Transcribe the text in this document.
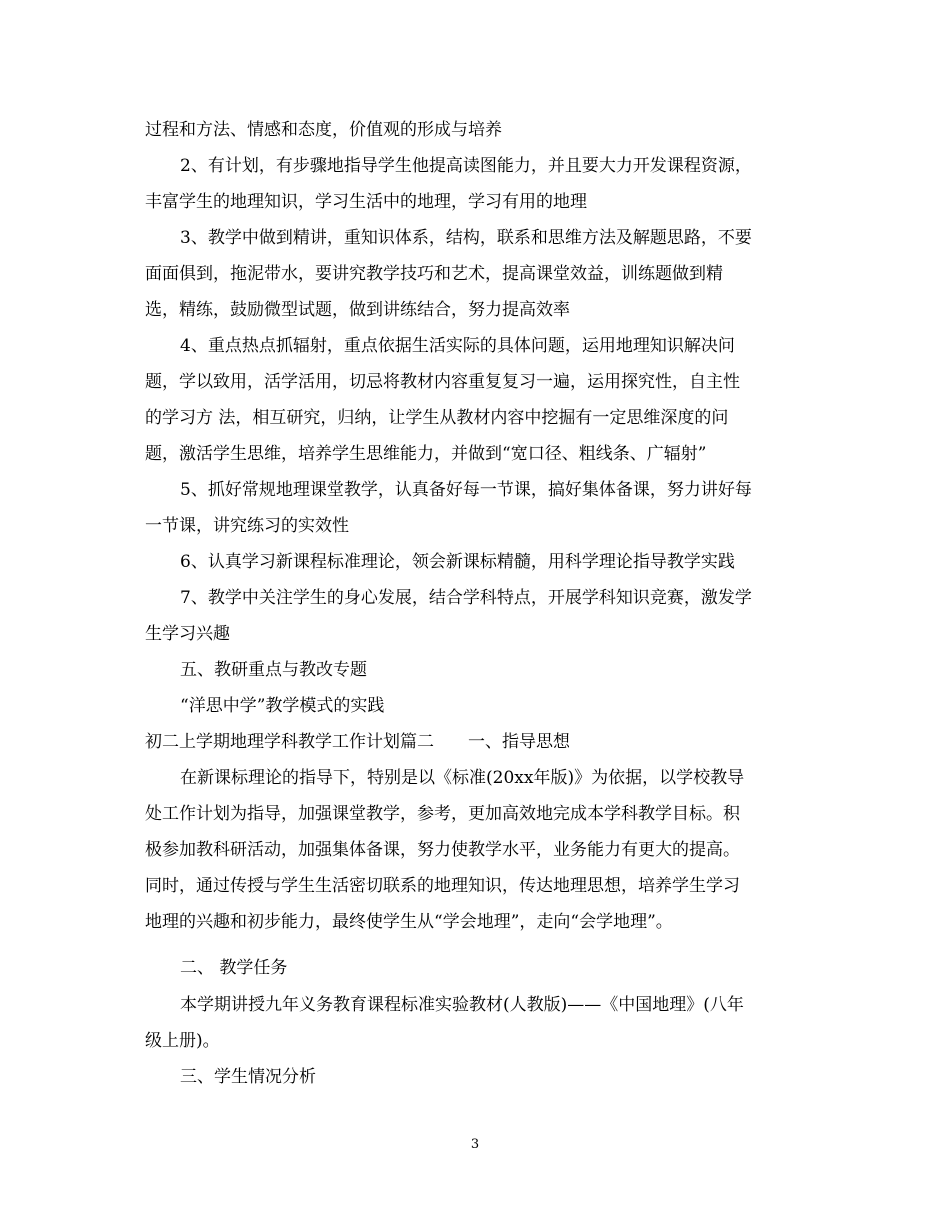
过程和方法、情感和态度，价值观的形成与培养
2、有计划，有步骤地指导学生他提高读图能力，并且要大力开发课程资源，
丰富学生的地理知识，学习生活中的地理，学习有用的地理
3、教学中做到精讲，重知识体系，结构，联系和思维方法及解题思路，不要
面面俱到，拖泥带水，要讲究教学技巧和艺术，提高课堂效益，训练题做到精
选，精练，鼓励微型试题，做到讲练结合，努力提高效率
4、重点热点抓辐射，重点依据生活实际的具体问题，运用地理知识解决问
题，学以致用，活学活用，切忌将教材内容重复复习一遍，运用探究性，自主性
的学习方 法，相互研究，归纳，让学生从教材内容中挖掘有一定思维深度的问
题，激活学生思维，培养学生思维能力，并做到“宽口径、粗线条、广辐射”
5、抓好常规地理课堂教学，认真备好每一节课，搞好集体备课，努力讲好每
一节课，讲究练习的实效性
6、认真学习新课程标准理论，领会新课标精髓，用科学理论指导教学实践
7、教学中关注学生的身心发展，结合学科特点，开展学科知识竞赛，激发学
生学习兴趣
五、教研重点与教改专题
“洋思中学”教学模式的实践
初二上学期地理学科教学工作计划篇二　　一、指导思想
在新课标理论的指导下，特别是以《标准(20xx年版)》为依据，以学校教导
处工作计划为指导，加强课堂教学，参考，更加高效地完成本学科教学目标。积
极参加教科研活动，加强集体备课，努力使教学水平，业务能力有更大的提高。
同时，通过传授与学生生活密切联系的地理知识，传达地理思想，培养学生学习
地理的兴趣和初步能力，最终使学生从“学会地理”，走向“会学地理”。
二、 教学任务
本学期讲授九年义务教育课程标准实验教材(人教版)——《中国地理》(八年
级上册)。
三、学生情况分析
3
